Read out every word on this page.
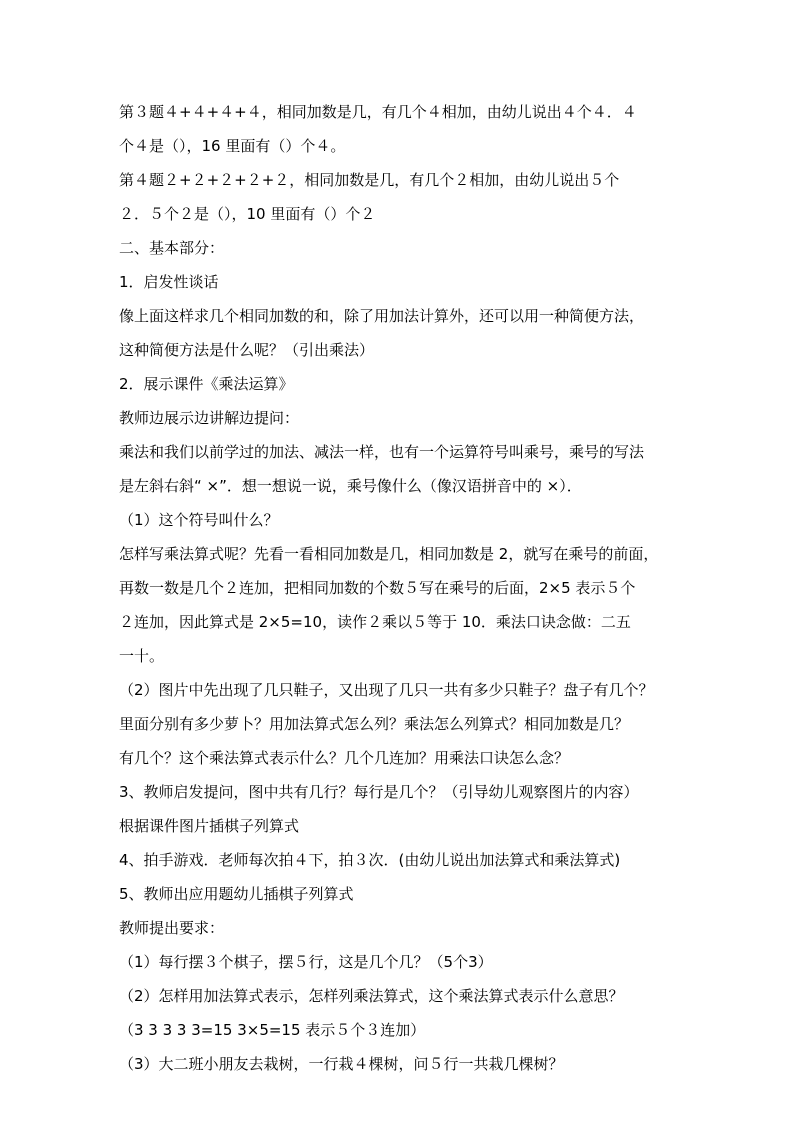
第３题４+４+４+４，相同加数是几，有几个４相加，由幼儿说出４个４．４
个４是（），16 里面有（）个４。
第４题２+２+２+２+２，相同加数是几，有几个２相加，由幼儿说出５个
２．５个２是（），10 里面有（）个２
二、基本部分：
1．启发性谈话
像上面这样求几个相同加数的和，除了用加法计算外，还可以用一种简便方法，
这种简便方法是什么呢？（引出乘法）
2．展示课件《乘法运算》
教师边展示边讲解边提问：
乘法和我们以前学过的加法、减法一样，也有一个运算符号叫乘号，乘号的写法
是左斜右斜“ ×”．想一想说一说，乘号像什么（像汉语拼音中的 ×）．
（1）这个符号叫什么？
怎样写乘法算式呢？先看一看相同加数是几，相同加数是 2，就写在乘号的前面，
再数一数是几个２连加，把相同加数的个数５写在乘号的后面，2×5 表示５个
２连加，因此算式是 2×5=10，读作２乘以５等于 10．乘法口诀念做：二五
一十。
（2）图片中先出现了几只鞋子，又出现了几只一共有多少只鞋子？盘子有几个？
里面分别有多少萝卜？用加法算式怎么列？乘法怎么列算式？相同加数是几？
有几个？这个乘法算式表示什么？几个几连加？用乘法口诀怎么念？
3、教师启发提问，图中共有几行？每行是几个？（引导幼儿观察图片的内容）
根据课件图片插棋子列算式
4、拍手游戏．老师每次拍４下，拍３次．(由幼儿说出加法算式和乘法算式)
5、教师出应用题幼儿插棋子列算式
教师提出要求：
（1）每行摆３个棋子，摆５行，这是几个几？（5个3）
（2）怎样用加法算式表示，怎样列乘法算式，这个乘法算式表示什么意思？
（3 3 3 3 3=15 3×5=15 表示５个３连加）
（3）大二班小朋友去栽树，一行栽４棵树，问５行一共栽几棵树？
